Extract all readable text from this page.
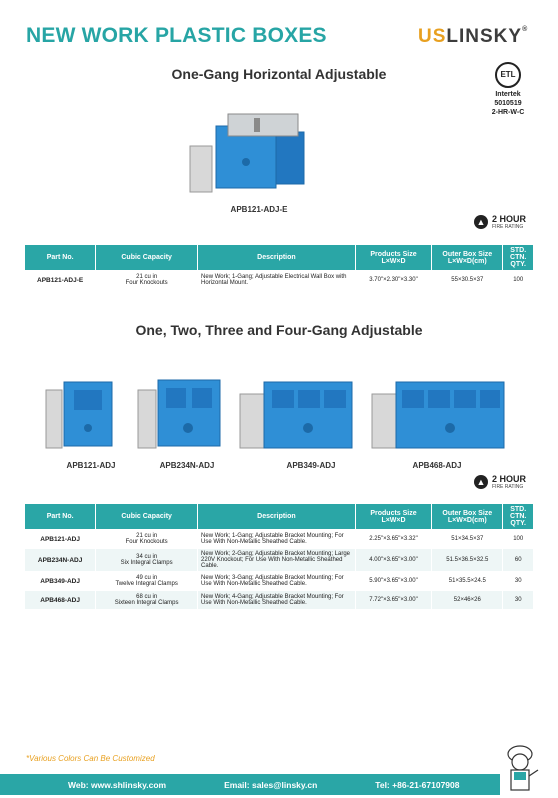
NEW WORK PLASTIC BOXES	USLINSKY®
ETL
Intertek
5010519
2-HR-W-C
One-Gang Horizontal Adjustable
APB121-ADJ-E
▲ 2 HOUR
FIRE RATING
Part No.	Cubic Capacity	Description	Products Size
L×W×D	Outer Box Size
L×W×D(cm)	STD. CTN.
QTY.
APB121-ADJ-E	21 cu in
Four Knockouts	New Work; 1-Gang; Adjustable Electrical Wall Box with Horizontal Mount.	3.70"×2.30"×3.30"	55×30.5×37	100
One, Two, Three and Four-Gang Adjustable
APB121-ADJ	APB234N-ADJ	APB349-ADJ	APB468-ADJ
▲ 2 HOUR
FIRE RATING
Part No.	Cubic Capacity	Description	Products Size
L×W×D	Outer Box Size
L×W×D(cm)	STD. CTN.
QTY.
APB121-ADJ	21 cu in
Four Knockouts	New Work; 1-Gang; Adjustable Bracket Mounting; For Use With Non-Metallic Sheathed Cable.	2.25"×3.65"×3.32"	51×34.5×37	100
APB234N-ADJ	34 cu in
Six Integral Clamps	New Work; 2-Gang; Adjustable Bracket Mounting; Large 220V Knockout; For Use With Non-Metallic Sheathed Cable.	4.00"×3.65"×3.00"	51.5×36.5×32.5	60
APB349-ADJ	49 cu in
Twelve Integral Clamps	New Work; 3-Gang; Adjustable Bracket Mounting; For Use With Non-Metallic Sheathed Cable.	5.90"×3.65"×3.00"	51×35.5×24.5	30
APB468-ADJ	68 cu in
Sixteen Integral Clamps	New Work; 4-Gang; Adjustable Bracket Mounting; For Use With Non-Metallic Sheathed Cable.	7.72"×3.65"×3.00"	52×46×26	30
*Various Colors Can Be Customized
Web: www.shlinsky.com	Email: sales@linsky.cn	Tel: +86-21-67107908
